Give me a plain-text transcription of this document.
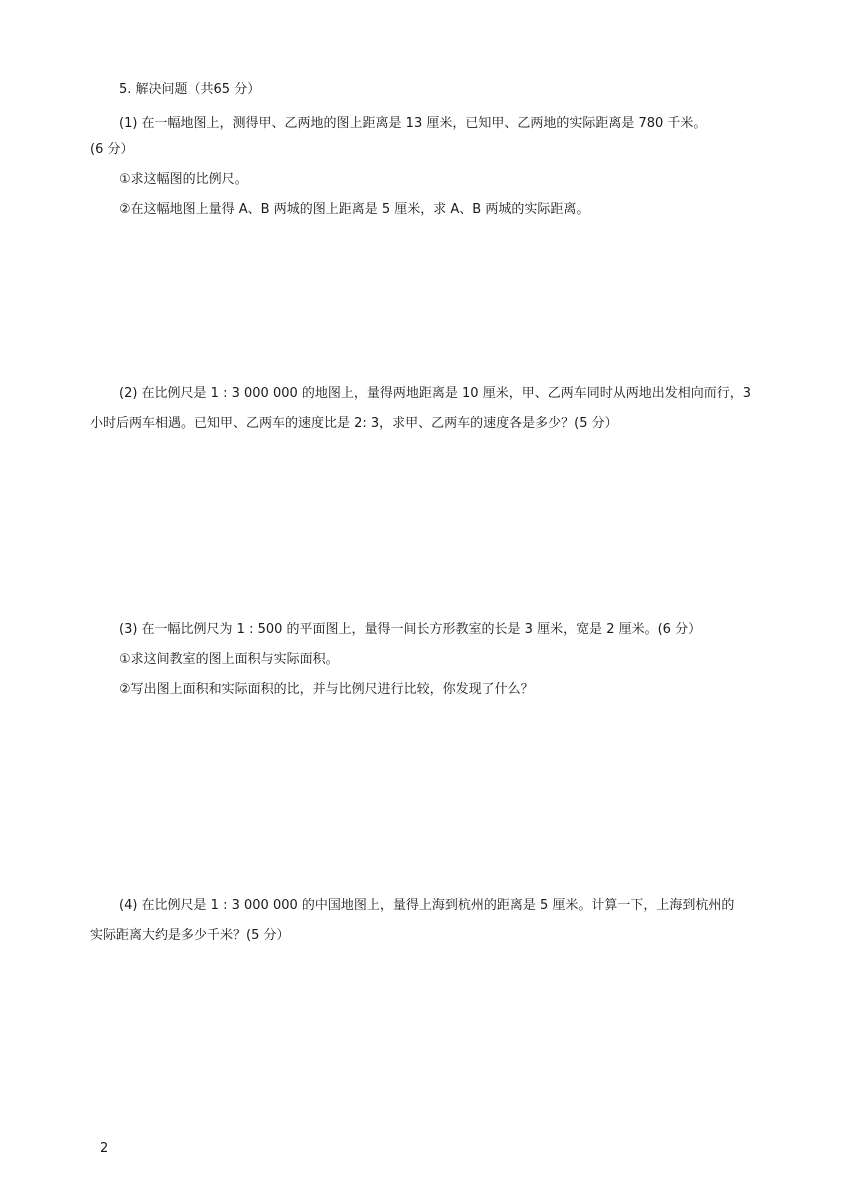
5. 解决问题（共65 分）

(1) 在一幅地图上，测得甲、乙两地的图上距离是 13 厘米，已知甲、乙两地的实际距离是 780 千米。

(6 分）

①求这幅图的比例尺。

②在这幅地图上量得 A、B 两城的图上距离是 5 厘米，求 A、B 两城的实际距离。

(2) 在比例尺是 1 : 3 000 000 的地图上，量得两地距离是 10 厘米，甲、乙两车同时从两地出发相向而行，3

小时后两车相遇。已知甲、乙两车的速度比是 2: 3，求甲、乙两车的速度各是多少？(5 分）

(3) 在一幅比例尺为 1 : 500 的平面图上，量得一间长方形教室的长是 3 厘米，宽是 2 厘米。(6 分）

①求这间教室的图上面积与实际面积。

②写出图上面积和实际面积的比，并与比例尺进行比较，你发现了什么？

(4) 在比例尺是 1 : 3 000 000 的中国地图上，量得上海到杭州的距离是 5 厘米。计算一下，上海到杭州的

实际距离大约是多少千米？(5 分）

2
